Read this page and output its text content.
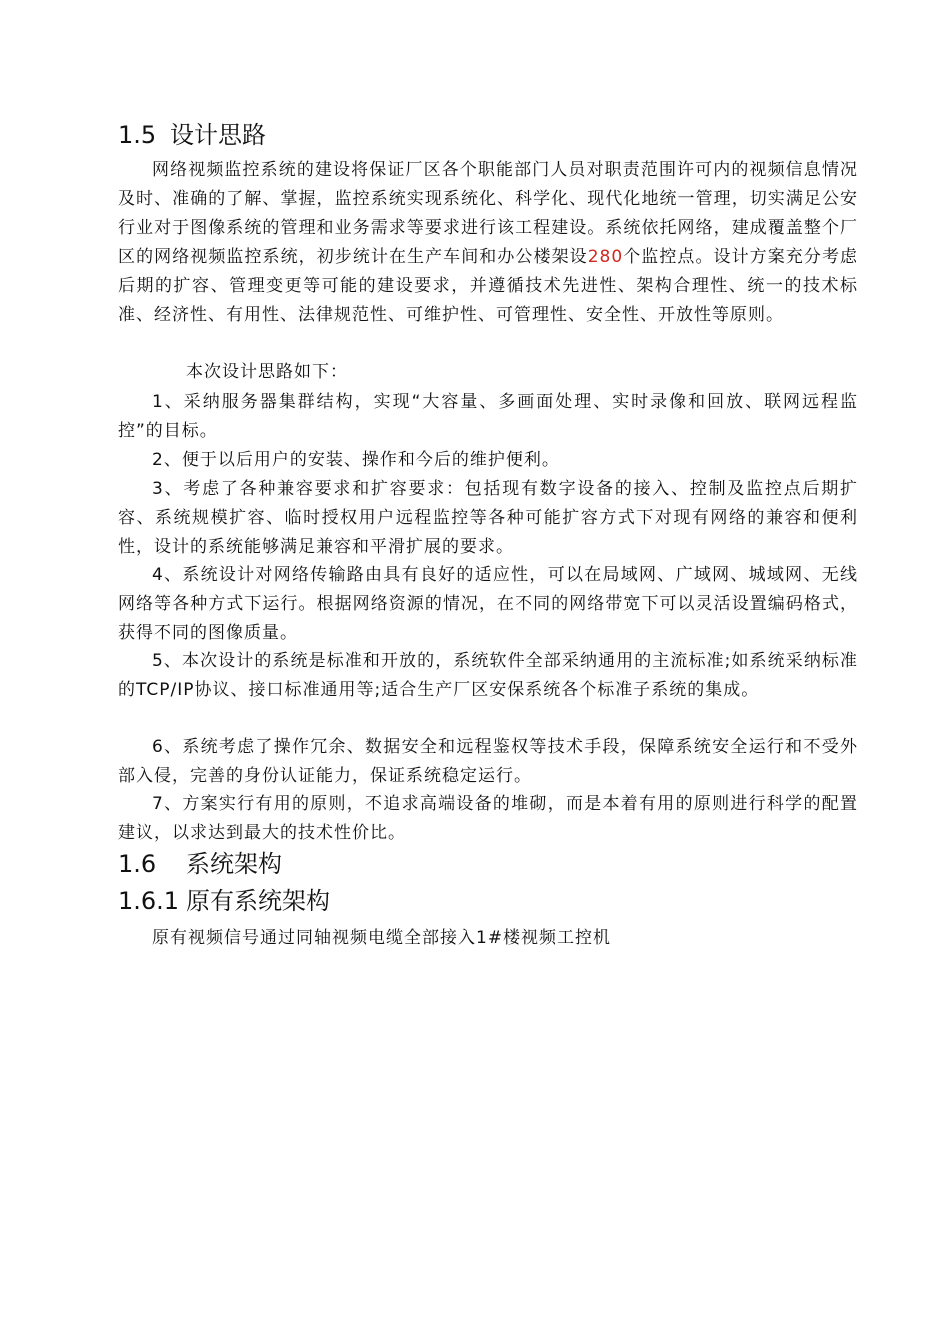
1.5 设计思路
网络视频监控系统的建设将保证厂区各个职能部门人员对职责范围许可内的视频信息情况及时、准确的了解、掌握，监控系统实现系统化、科学化、现代化地统一管理，切实满足公安行业对于图像系统的管理和业务需求等要求进行该工程建设。系统依托网络，建成覆盖整个厂区的网络视频监控系统，初步统计在生产车间和办公楼架设280个监控点。设计方案充分考虑后期的扩容、管理变更等可能的建设要求，并遵循技术先进性、架构合理性、统一的技术标准、经济性、有用性、法律规范性、可维护性、可管理性、安全性、开放性等原则。
本次设计思路如下：
1、采纳服务器集群结构，实现“大容量、多画面处理、实时录像和回放、联网远程监控”的目标。
2、便于以后用户的安装、操作和今后的维护便利。
3、考虑了各种兼容要求和扩容要求：包括现有数字设备的接入、控制及监控点后期扩容、系统规模扩容、临时授权用户远程监控等各种可能扩容方式下对现有网络的兼容和便利性，设计的系统能够满足兼容和平滑扩展的要求。
4、系统设计对网络传输路由具有良好的适应性，可以在局域网、广域网、城域网、无线网络等各种方式下运行。根据网络资源的情况，在不同的网络带宽下可以灵活设置编码格式，获得不同的图像质量。
5、本次设计的系统是标准和开放的，系统软件全部采纳通用的主流标准;如系统采纳标准的TCP/IP协议、接口标准通用等;适合生产厂区安保系统各个标准子系统的集成。
6、系统考虑了操作冗余、数据安全和远程鉴权等技术手段，保障系统安全运行和不受外部入侵，完善的身份认证能力，保证系统稳定运行。
7、方案实行有用的原则，不追求高端设备的堆砌，而是本着有用的原则进行科学的配置建议，以求达到最大的技术性价比。
1.6 系统架构
1.6.1 原有系统架构
原有视频信号通过同轴视频电缆全部接入1#楼视频工控机
